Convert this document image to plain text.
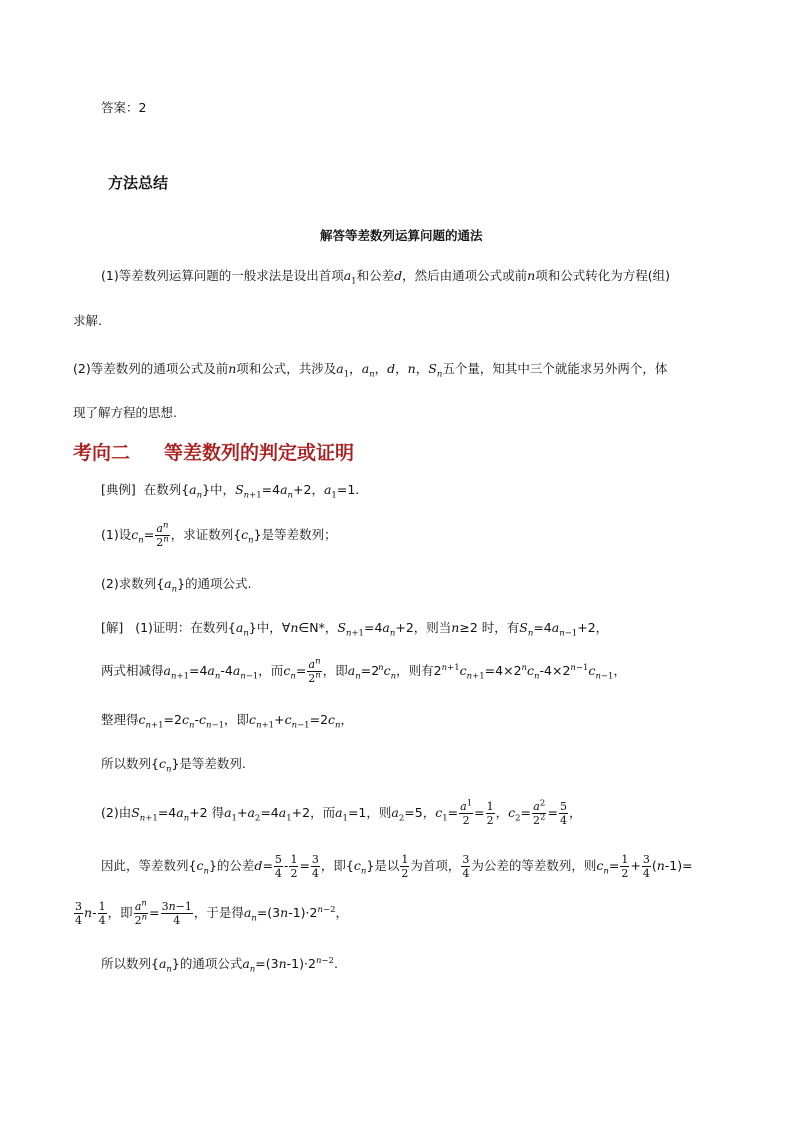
答案：2
方法总结
解答等差数列运算问题的通法
(1)等差数列运算问题的一般求法是设出首项$a_1$和公差d，然后由通项公式或前n项和公式转化为方程(组)
求解.
(2)等差数列的通项公式及前n项和公式，共涉及$a_1$，$a_n$，d，n，$S_n$五个量，知其中三个就能求另外两个，体
现了解方程的思想.
考向二 等差数列的判定或证明
[典例] 在数列$\{a_n\}$中，$S_{n+1}=4a_n+2$，$a_1=1$.
(1)设$c_n= \frac{a^n}{2^n}$ ，求证数列$\{c_n\}$是等差数列；
(2)求数列$\{a_n\}$的通项公式.
[解] (1)证明：在数列$\{a_n\}$中，∀n∈N*，$S_{n+1}=4a_n+2$，则当n≥2 时，有$S_n=4a_{n-1}+2$，
两式相减得$a_{n+1}=4a_n-4a_{n-1}$，而$c_n= \frac{a^n}{2^n}$ ，即$a_n=2^nc_n$，则有$2^{n+1}c_{n+1}=4\times 2^nc_n-4\times 2^{n-1}c_{n-1}$，
整理得$c_{n+1}=2c_n-c_{n-1}$，即$c_{n+1}+c_{n-1}=2c_n$，
所以数列$\{c_n\}$是等差数列.
(2)由$S_{n+1}=4a_n+2$ 得$a_1+a_2=4a_1+2$，而$a_1=1$，则$a_2=5$，$c_1= \frac{a^1}{2} = \frac{1}{2}$ ，$c_2= \frac{a^2}{2^2} = \frac{5}{4}$ ，
因此，等差数列$\{c_n\}$的公差$d= \frac{5}{4} - \frac{1}{2} = \frac{3}{4}$ ，即$\{c_n\}$是以 $\frac{1}{2}$ 为首项， $\frac{3}{4}$ 为公差的等差数列，则$c_n= \frac{1}{2} + \frac{3}{4} (n-1)=$
$\frac{3}{4} n- \frac{1}{4}$ ，即 $\frac{a^n}{2^n} = \frac{3n-1}{4}$ ，于是得$a_n=(3n-1)\cdot 2^{n-2}$，
所以数列$\{a_n\}$的通项公式$a_n=(3n-1)\cdot 2^{n-2}$.
